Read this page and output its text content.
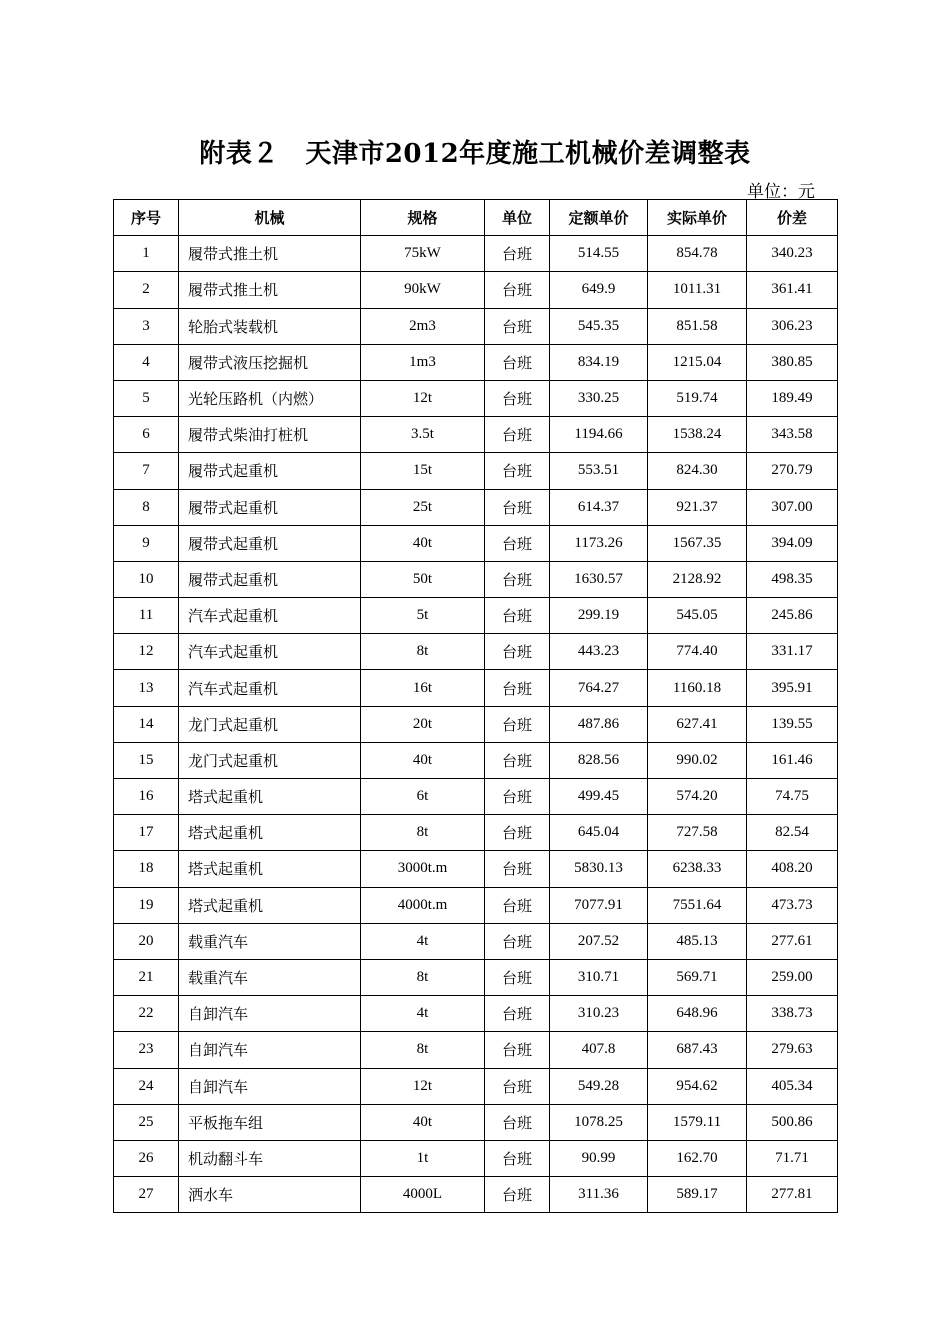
附表２　天津市2012年度施工机械价差调整表
单位：元
序号	机械	规格	单位	定额单价	实际单价	价差
1	履带式推土机	75kW	台班	514.55	854.78	340.23
2	履带式推土机	90kW	台班	649.9	1011.31	361.41
3	轮胎式装载机	2m3	台班	545.35	851.58	306.23
4	履带式液压挖掘机	1m3	台班	834.19	1215.04	380.85
5	光轮压路机（内燃）	12t	台班	330.25	519.74	189.49
6	履带式柴油打桩机	3.5t	台班	1194.66	1538.24	343.58
7	履带式起重机	15t	台班	553.51	824.30	270.79
8	履带式起重机	25t	台班	614.37	921.37	307.00
9	履带式起重机	40t	台班	1173.26	1567.35	394.09
10	履带式起重机	50t	台班	1630.57	2128.92	498.35
11	汽车式起重机	5t	台班	299.19	545.05	245.86
12	汽车式起重机	8t	台班	443.23	774.40	331.17
13	汽车式起重机	16t	台班	764.27	1160.18	395.91
14	龙门式起重机	20t	台班	487.86	627.41	139.55
15	龙门式起重机	40t	台班	828.56	990.02	161.46
16	塔式起重机	6t	台班	499.45	574.20	74.75
17	塔式起重机	8t	台班	645.04	727.58	82.54
18	塔式起重机	3000t.m	台班	5830.13	6238.33	408.20
19	塔式起重机	4000t.m	台班	7077.91	7551.64	473.73
20	载重汽车	4t	台班	207.52	485.13	277.61
21	载重汽车	8t	台班	310.71	569.71	259.00
22	自卸汽车	4t	台班	310.23	648.96	338.73
23	自卸汽车	8t	台班	407.8	687.43	279.63
24	自卸汽车	12t	台班	549.28	954.62	405.34
25	平板拖车组	40t	台班	1078.25	1579.11	500.86
26	机动翻斗车	1t	台班	90.99	162.70	71.71
27	洒水车	4000L	台班	311.36	589.17	277.81
